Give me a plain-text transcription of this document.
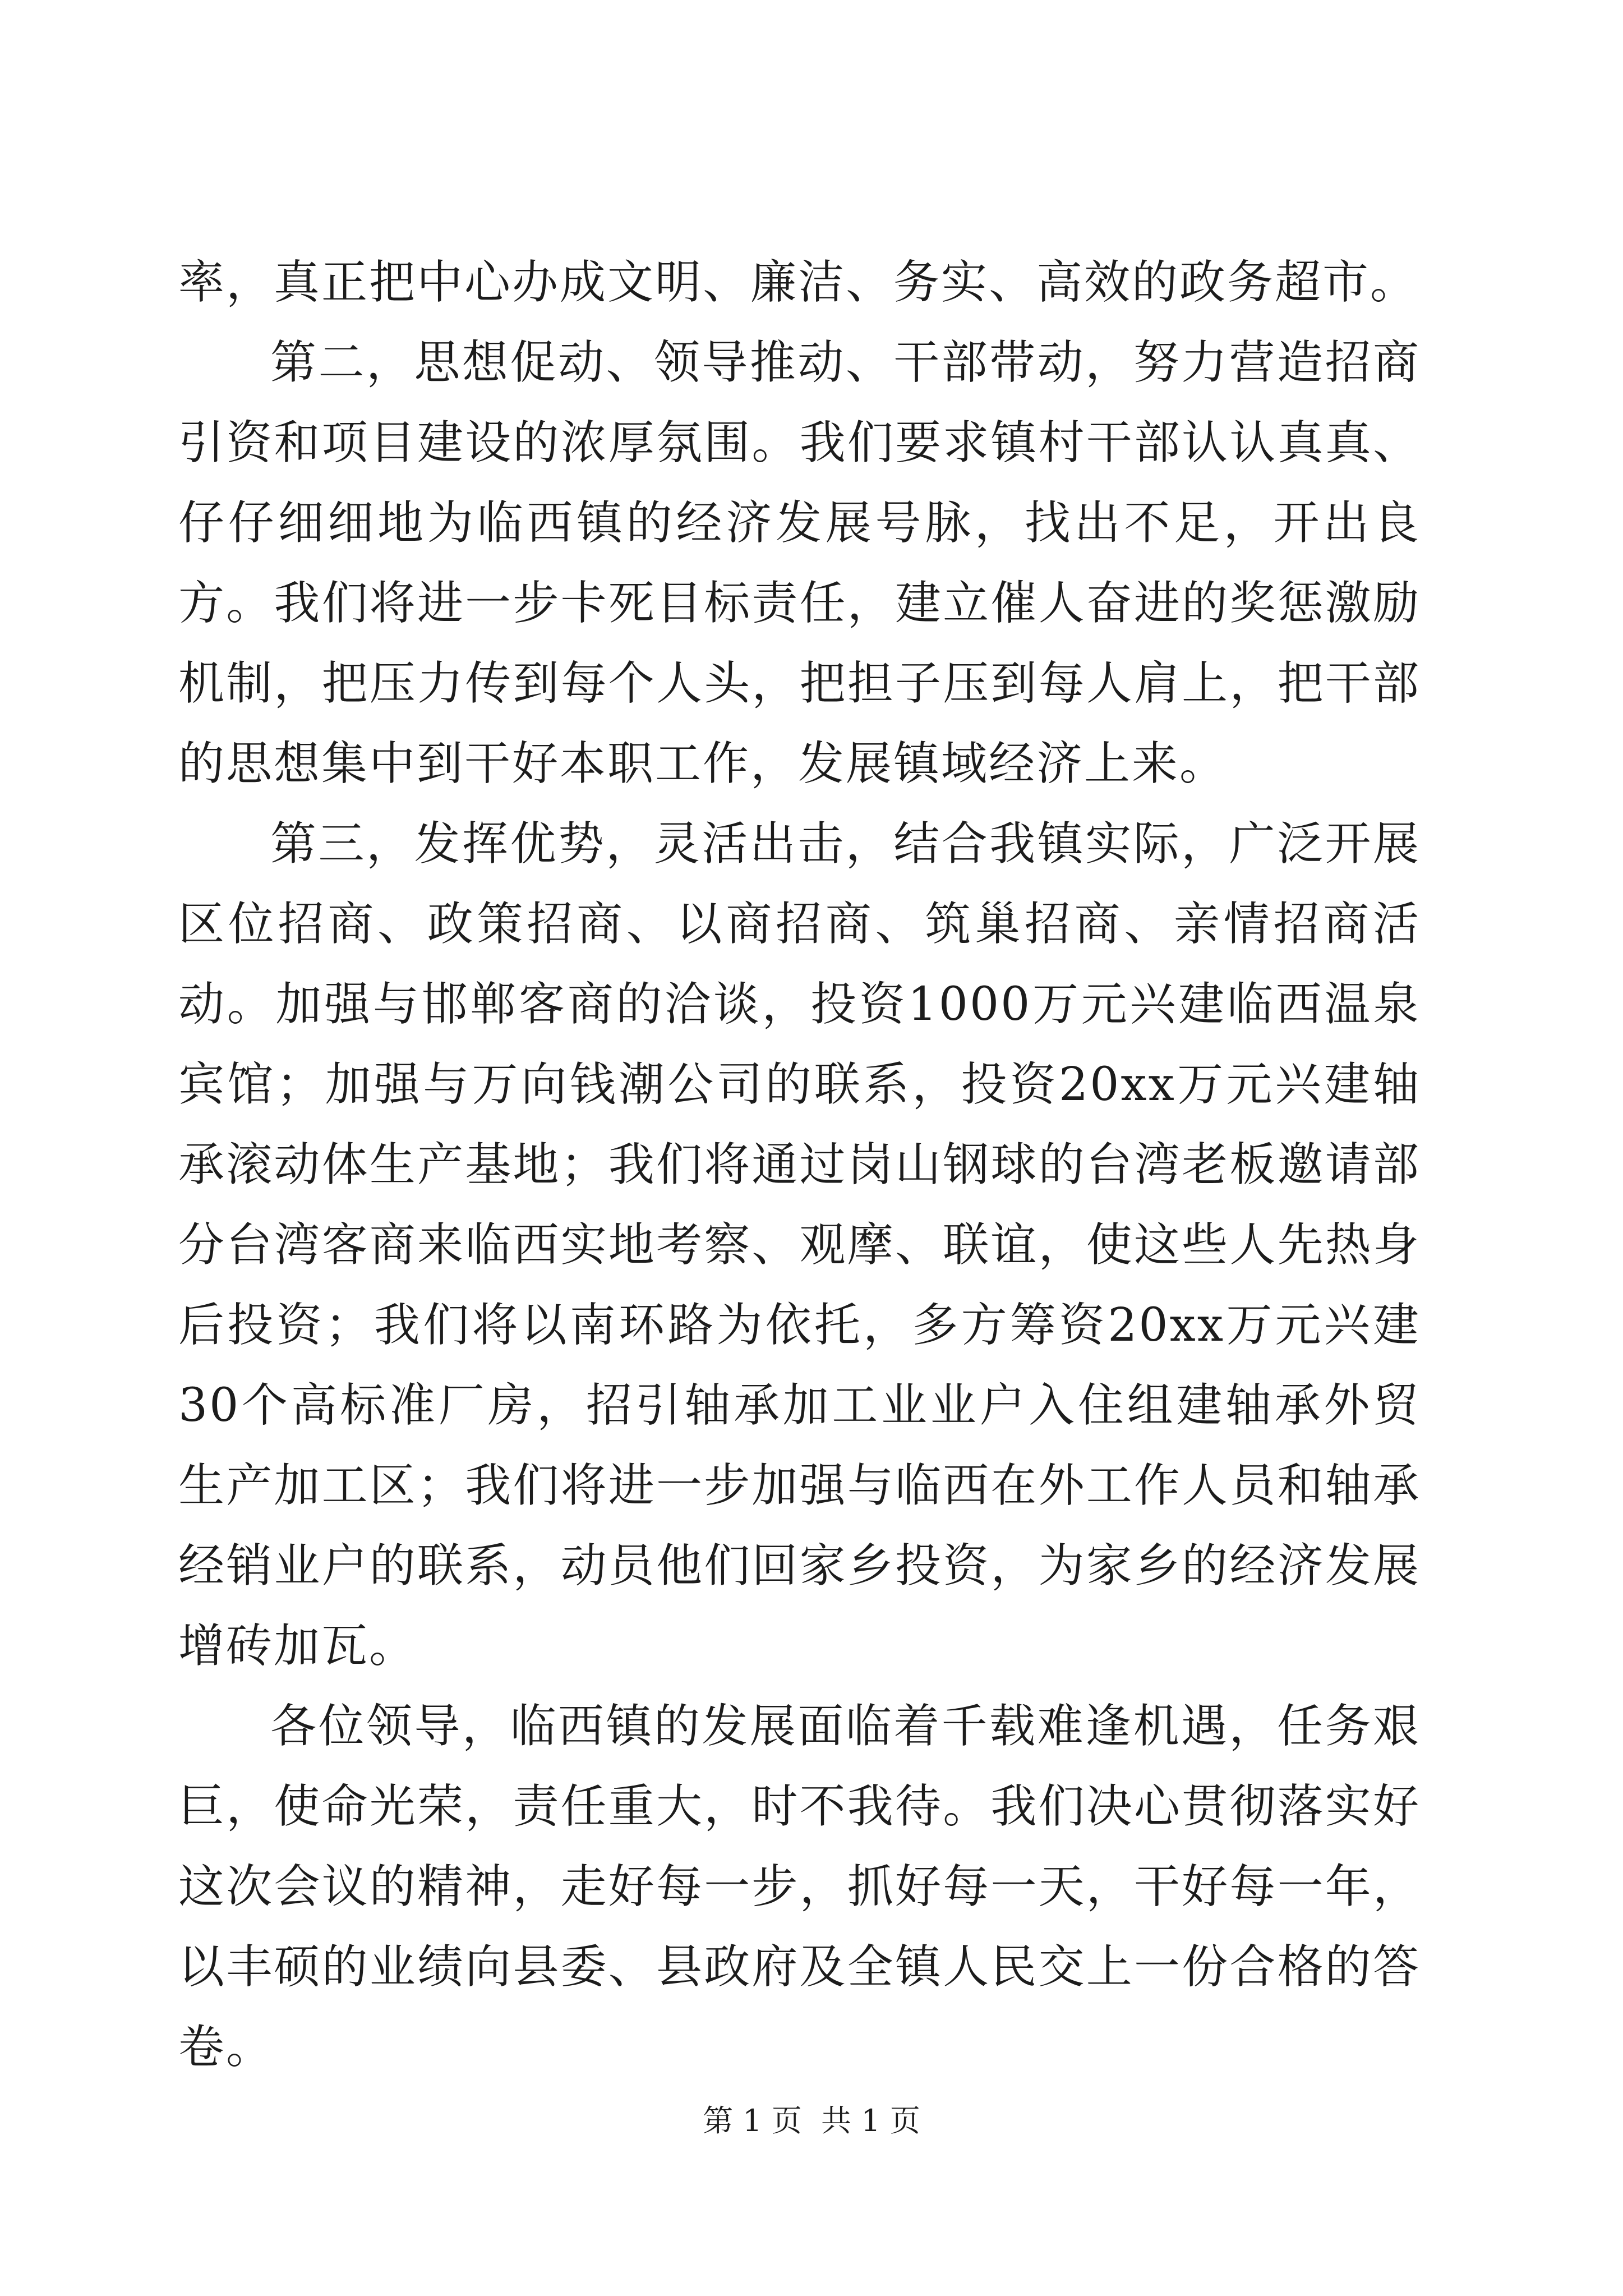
率，真正把中心办成文明、廉洁、务实、高效的政务超市。

第二，思想促动、领导推动、干部带动，努力营造招商引资和项目建设的浓厚氛围。我们要求镇村干部认认真真、仔仔细细地为临西镇的经济发展号脉，找出不足，开出良方。我们将进一步卡死目标责任，建立催人奋进的奖惩激励机制，把压力传到每个人头，把担子压到每人肩上，把干部的思想集中到干好本职工作，发展镇域经济上来。

第三，发挥优势，灵活出击，结合我镇实际，广泛开展区位招商、政策招商、以商招商、筑巢招商、亲情招商活动。加强与邯郸客商的洽谈，投资1000万元兴建临西温泉宾馆；加强与万向钱潮公司的联系，投资20xx万元兴建轴承滚动体生产基地；我们将通过岗山钢球的台湾老板邀请部分台湾客商来临西实地考察、观摩、联谊，使这些人先热身后投资；我们将以南环路为依托，多方筹资20xx万元兴建30个高标准厂房，招引轴承加工业业户入住组建轴承外贸生产加工区；我们将进一步加强与临西在外工作人员和轴承经销业户的联系，动员他们回家乡投资，为家乡的经济发展增砖加瓦。

各位领导，临西镇的发展面临着千载难逢机遇，任务艰巨，使命光荣，责任重大，时不我待。我们决心贯彻落实好这次会议的精神，走好每一步，抓好每一天，干好每一年，以丰硕的业绩向县委、县政府及全镇人民交上一份合格的答卷。

第 1 页  共 1 页
